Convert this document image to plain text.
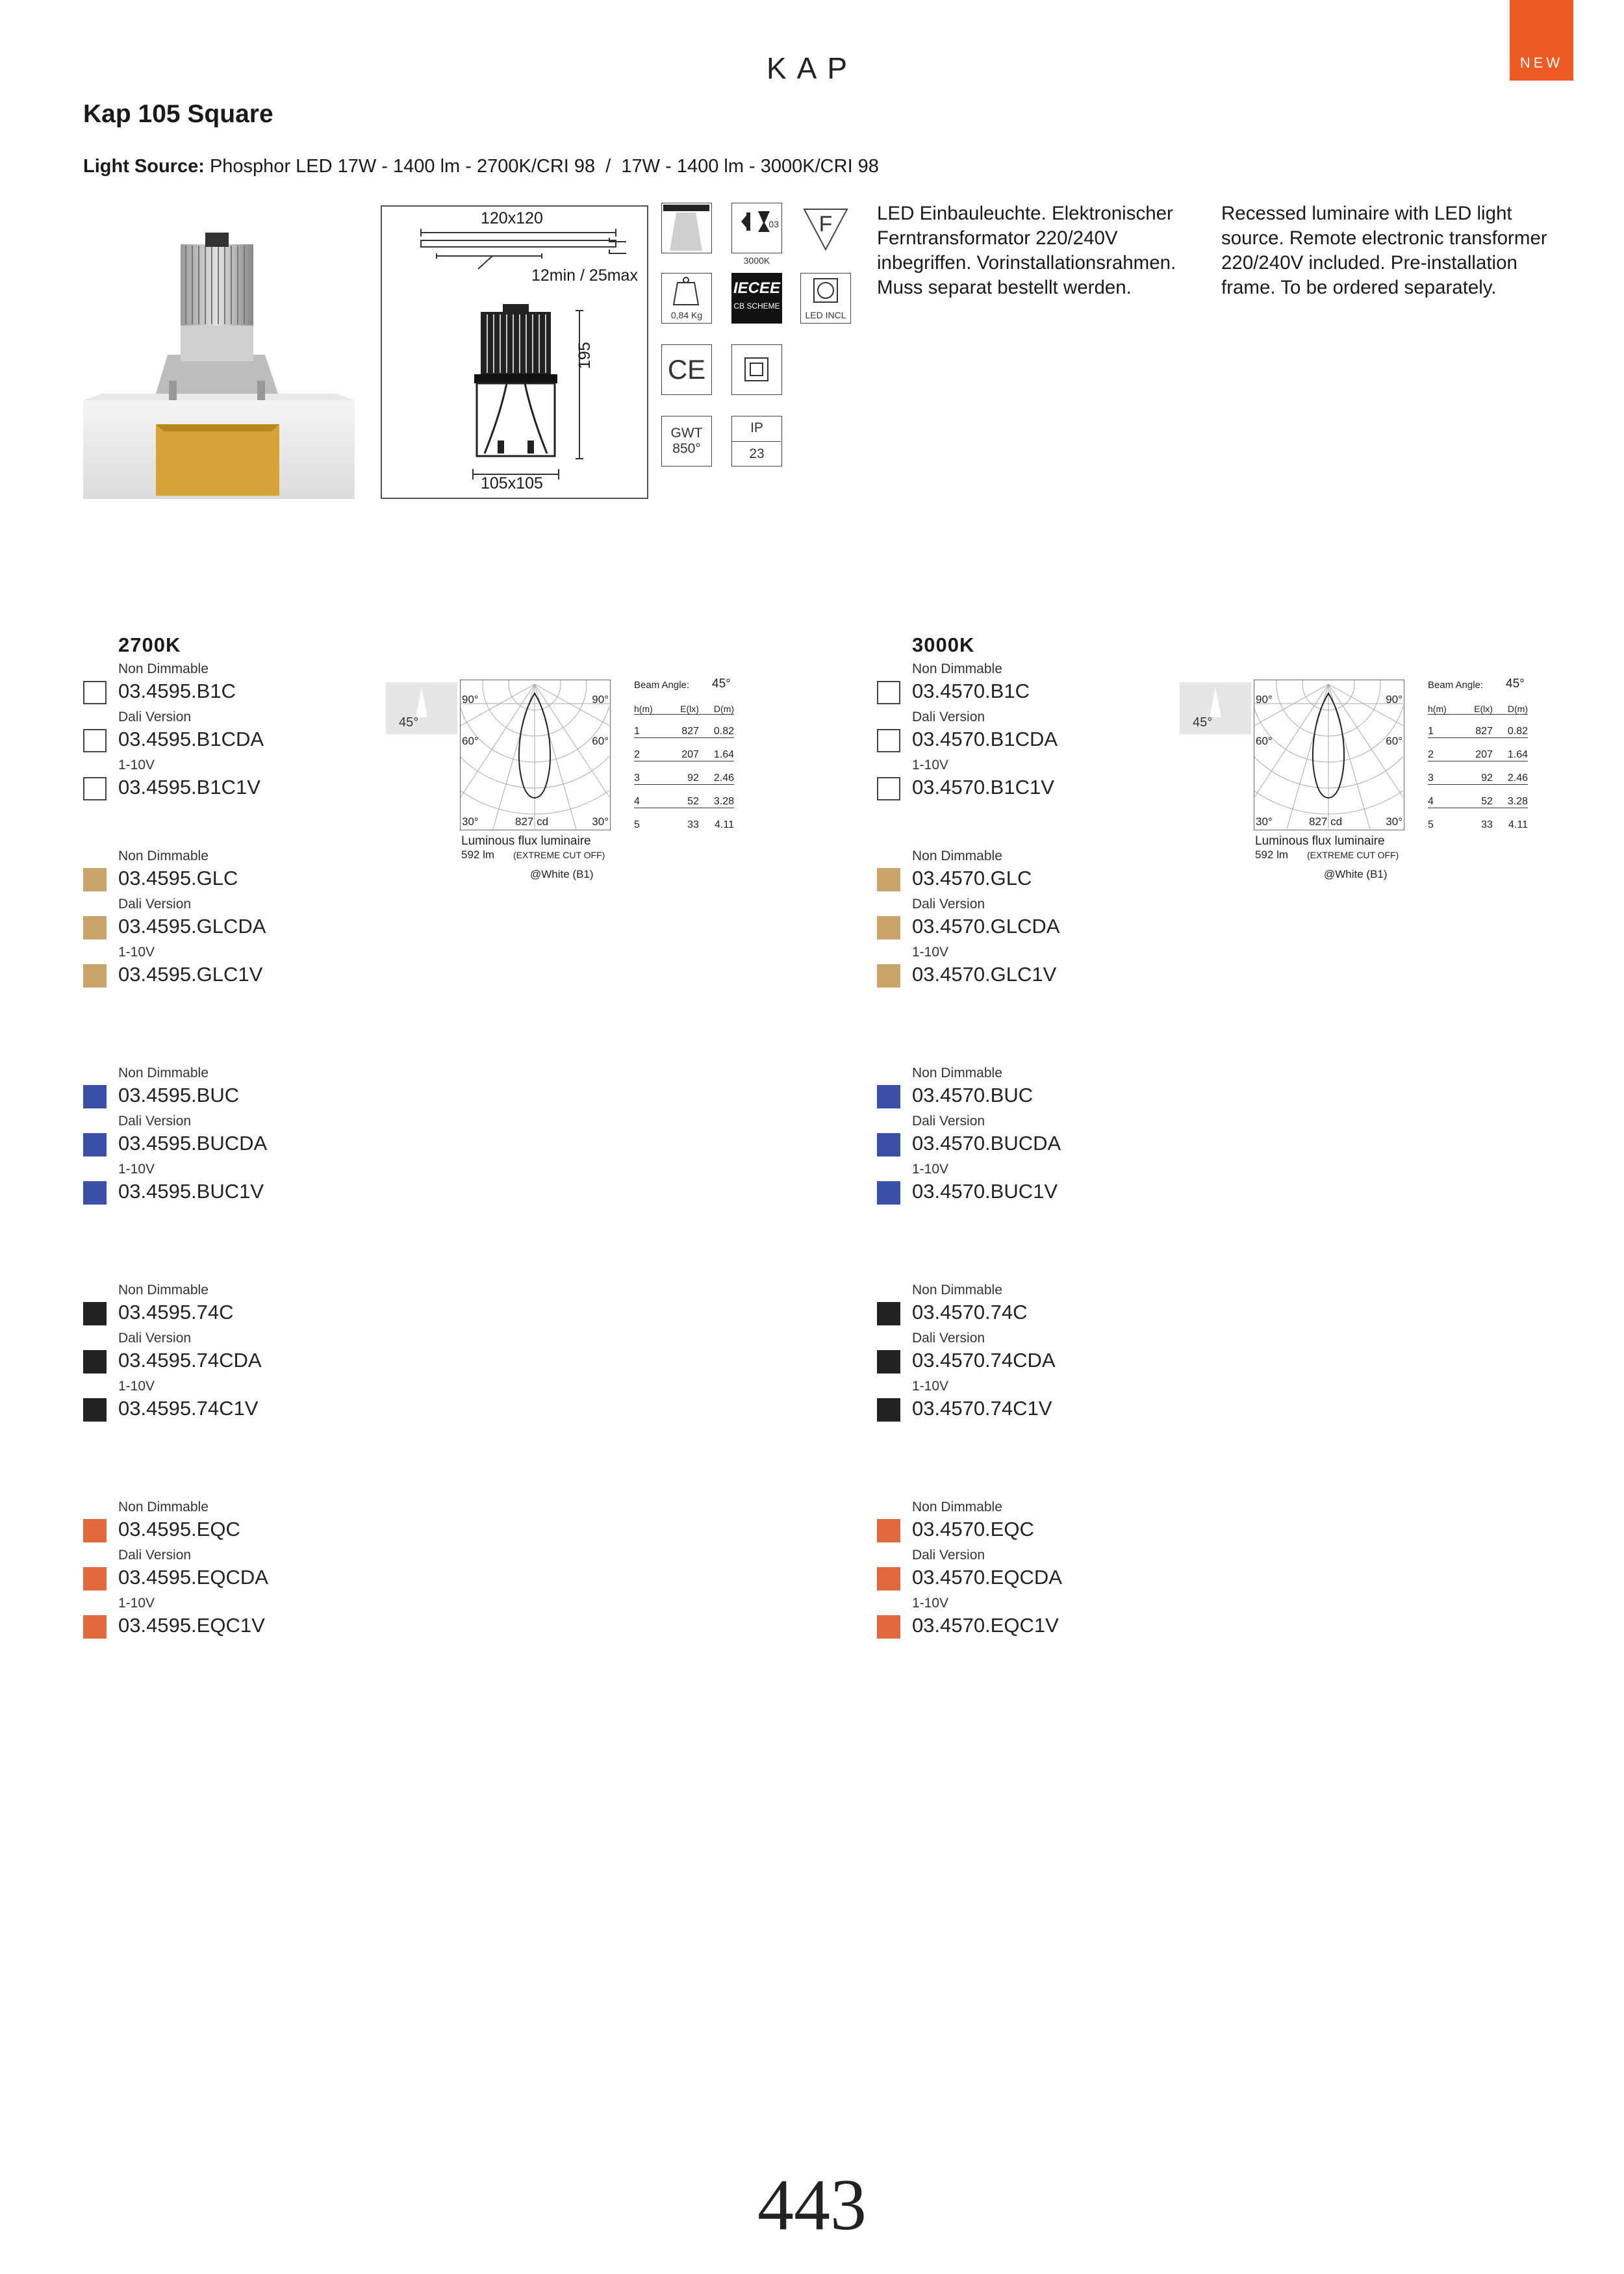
KAP	NEW
Kap 105 Square
Light Source: Phosphor LED 17W - 1400 lm - 2700K/CRI 98  /  17W - 1400 lm - 3000K/CRI 98
120x120
12min / 25max
195
105x105
03
3000K
F
0,84 Kg
IECEE
CB SCHEME
LED INCL
CE
GWT
850°
IP
23
LED Einbauleuchte. Elektronischer Ferntransformator 220/240V inbegriffen. Vorinstallationsrahmen. Muss separat bestellt werden.
Recessed luminaire with LED light source. Remote electronic transformer 220/240V included. Pre-installation frame. To be ordered separately.
2700K
Non Dimmable
03.4595.B1C
Dali Version
03.4595.B1CDA
1-10V
03.4595.B1C1V
Non Dimmable
03.4595.GLC
Dali Version
03.4595.GLCDA
1-10V
03.4595.GLC1V
Non Dimmable
03.4595.BUC
Dali Version
03.4595.BUCDA
1-10V
03.4595.BUC1V
Non Dimmable
03.4595.74C
Dali Version
03.4595.74CDA
1-10V
03.4595.74C1V
Non Dimmable
03.4595.EQC
Dali Version
03.4595.EQCDA
1-10V
03.4595.EQC1V
3000K
Non Dimmable
03.4570.B1C
Dali Version
03.4570.B1CDA
1-10V
03.4570.B1C1V
Non Dimmable
03.4570.GLC
Dali Version
03.4570.GLCDA
1-10V
03.4570.GLC1V
Non Dimmable
03.4570.BUC
Dali Version
03.4570.BUCDA
1-10V
03.4570.BUC1V
Non Dimmable
03.4570.74C
Dali Version
03.4570.74CDA
1-10V
03.4570.74C1V
Non Dimmable
03.4570.EQC
Dali Version
03.4570.EQCDA
1-10V
03.4570.EQC1V
45°
90°	90°
60°	60°
30°	827 cd	30°
Luminous flux luminaire
592 lm (EXTREME CUT OFF)
@White (B1)
Beam Angle: 45°
h(m)	E(lx)	D(m)
1	827	0.82
2	207	1.64
3	92	2.46
4	52	3.28
5	33	4.11
45°
90°	90°
60°	60°
30°	827 cd	30°
Luminous flux luminaire
592 lm (EXTREME CUT OFF)
@White (B1)
Beam Angle: 45°
h(m)	E(lx)	D(m)
1	827	0.82
2	207	1.64
3	92	2.46
4	52	3.28
5	33	4.11
443
